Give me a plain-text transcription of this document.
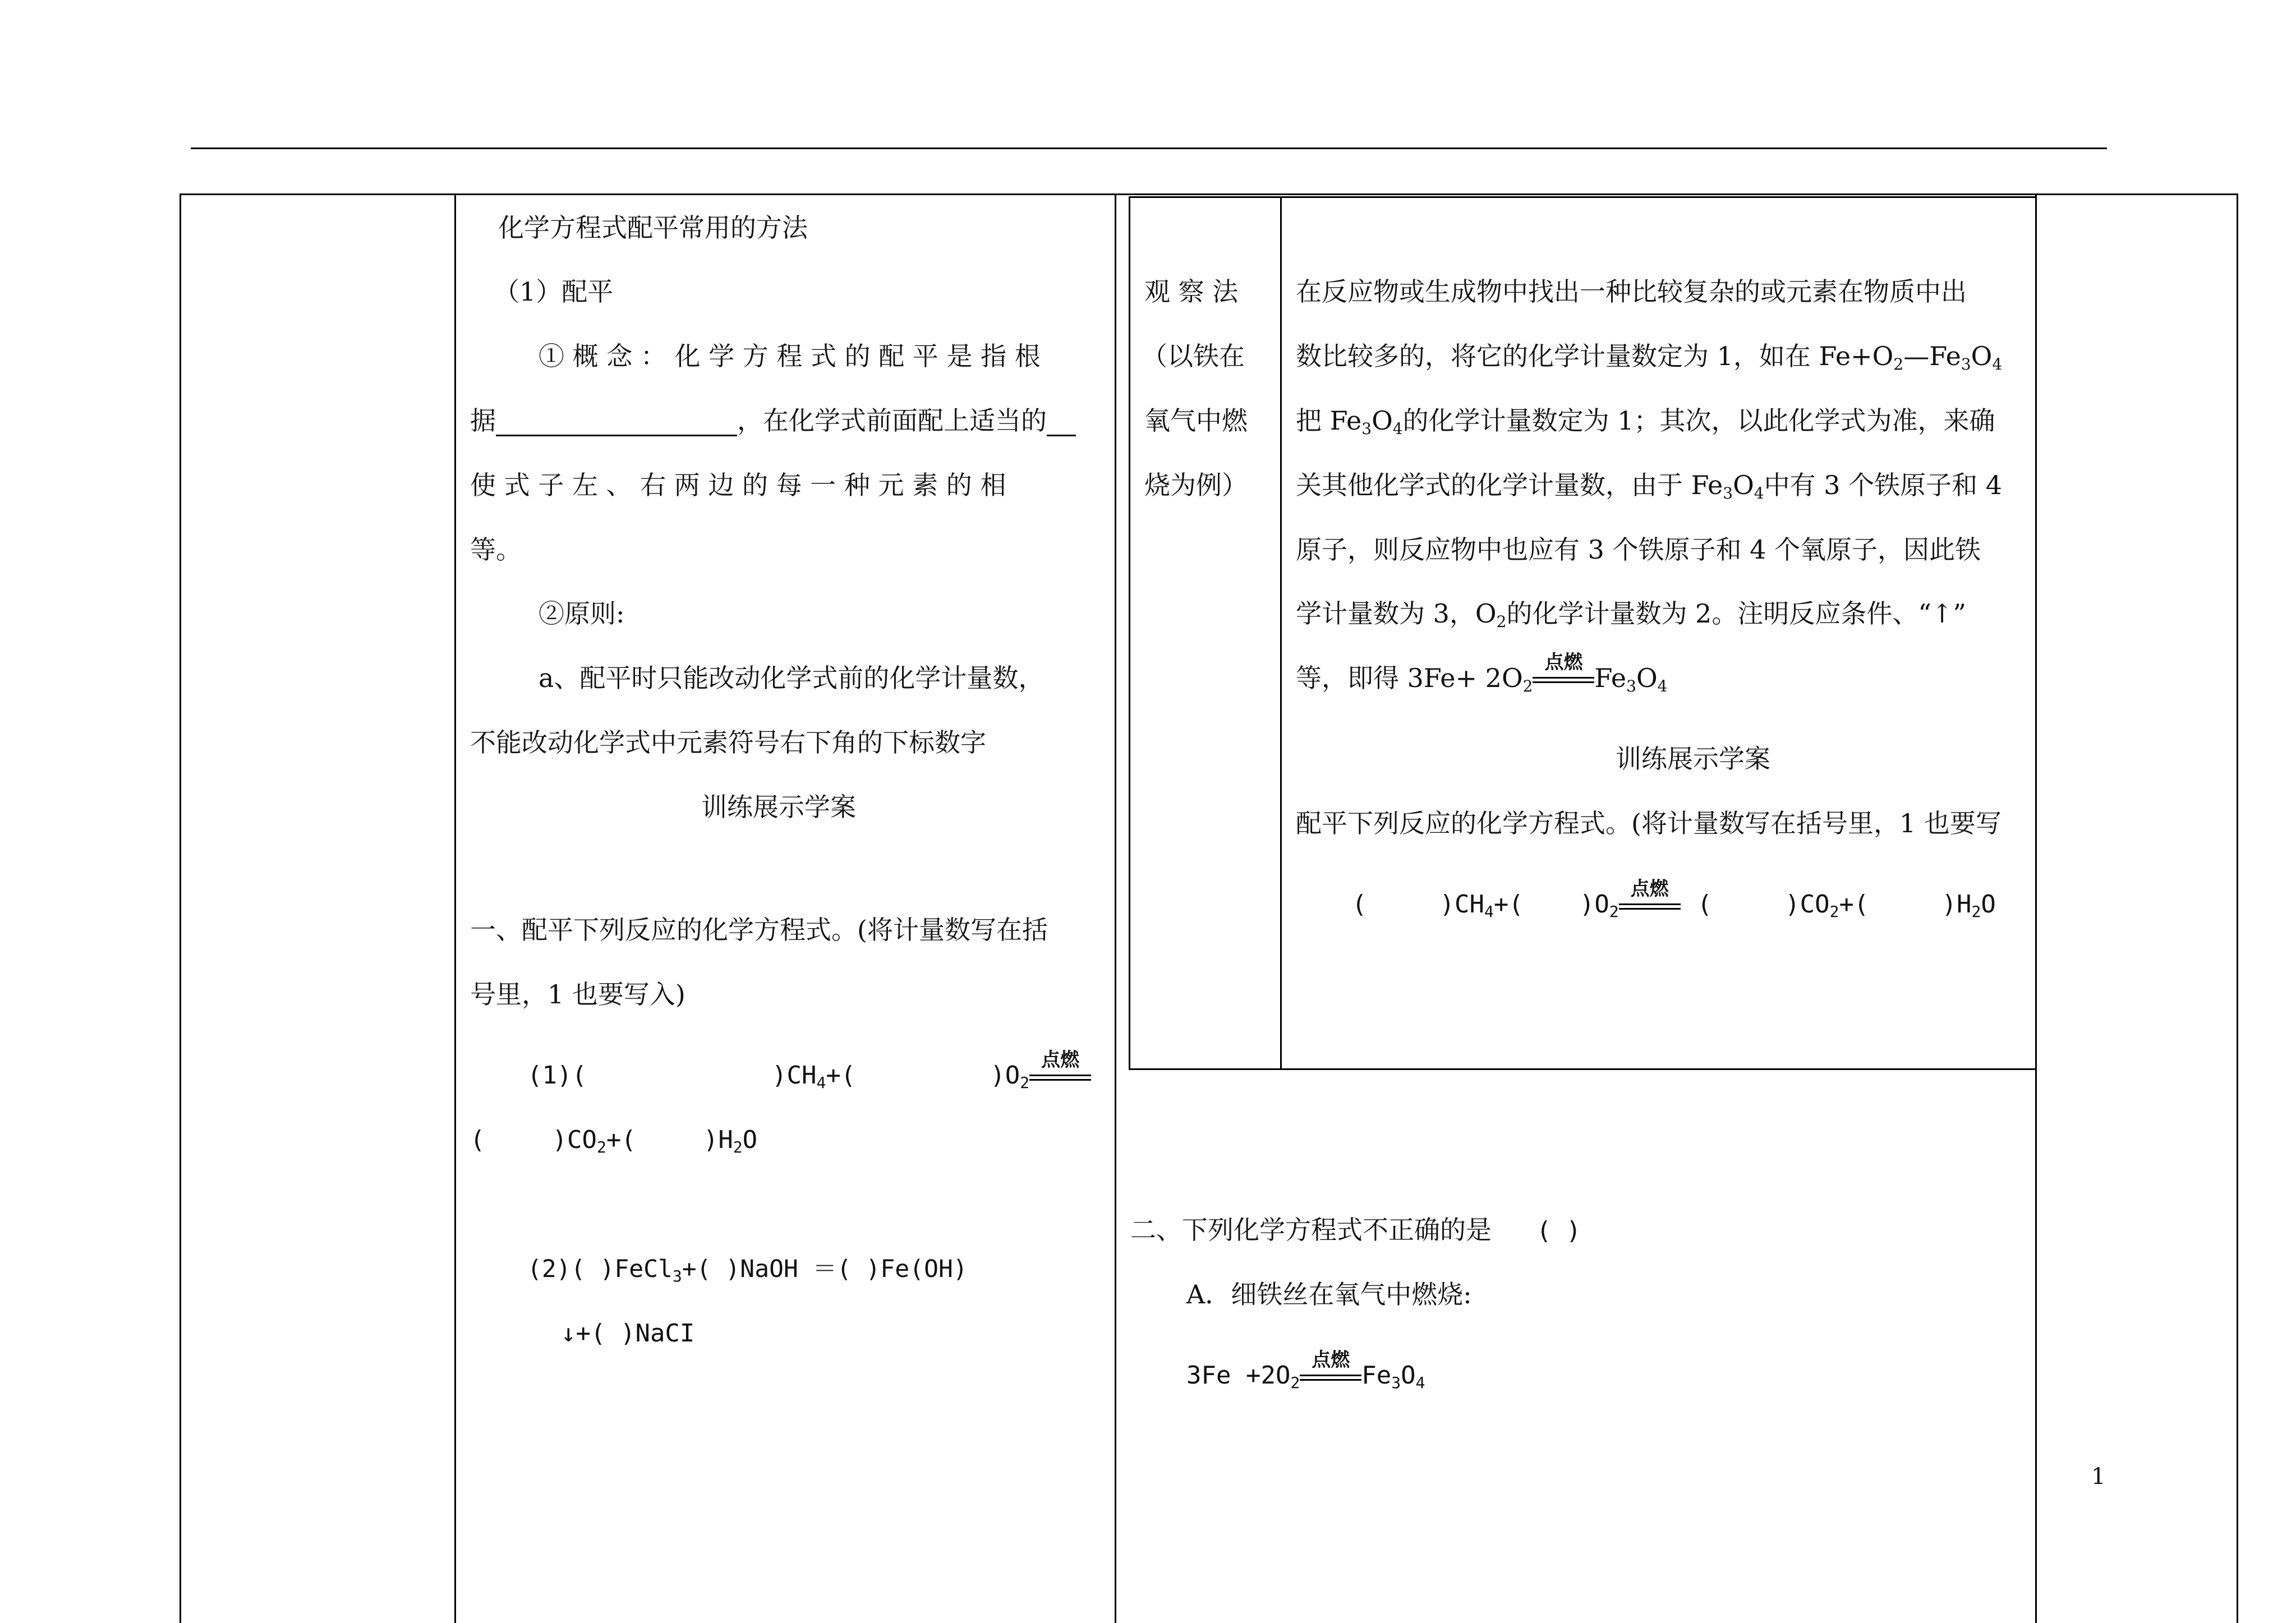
化学方程式配平常用的方法
（1）配平
① 概 念 ： 化 学 方 程 式 的 配 平 是 指 根
据	，在化学式前面配上适当的
使 式 子 左 、 右 两 边 的 每 一 种 元 素 的 相
等。
②原则:
a、配平时只能改动化学式前的化学计量数，
不能改动化学式中元素符号右下角的下标数字
训练展示学案
一、配平下列反应的化学方程式。(将计量数写在括
号里，1 也要写入)
(1)(	)$CH_4+$(	)$O_2$
点燃
(	)$CO_2+$(	)$H_2O$
(2)( )FeCl$_3$+( )NaOH ＝( )Fe(OH)
↓+( )NaCI
观 察 法
（以铁在
氧气中燃
烧为例）
在反应物或生成物中找出一种比较复杂的或元素在物质中出
数比较多的，将它的化学计量数定为 1，如在 $Fe+O_2—Fe_3O_4$
把 $Fe_3O_4$的化学计量数定为 1；其次，以此化学式为准，来确
关其他化学式的化学计量数，由于 $Fe_3O_4$中有 3 个铁原子和 4
原子，则反应物中也应有 3 个铁原子和 4 个氧原子，因此铁
学计量数为 3，$O_2$的化学计量数为 2。注明反应条件、“↑”
等，即得 $3Fe+ 2O_2$
点燃
$Fe_3O_4$
训练展示学案
配平下列反应的化学方程式。(将计量数写在括号里，1 也要写
(	)$CH_4+$( )$O_2$
点燃
(	)$CO_2+$(	)$H_2O$
二、下列化学方程式不正确的是 ( )
A．细铁丝在氧气中燃烧:
$3Fe +2O_2$
点燃
$Fe_3O_4$
1
